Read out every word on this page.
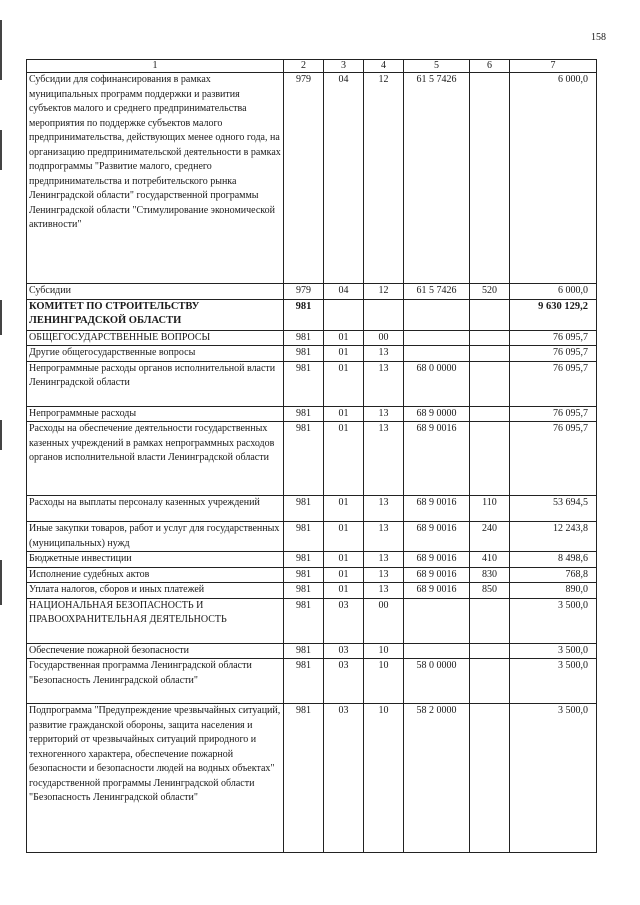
158
1	2	3	4	5	6	7
Субсидии для софинансирования в рамках муниципальных программ поддержки и развития субъектов малого и среднего предпринимательства мероприятия по поддержке субъектов малого предпринимательства, действующих менее одного года, на организацию предпринимательской деятельности в рамках подпрограммы "Развитие малого, среднего предпринимательства и потребительского рынка Ленинградской области" государственной программы Ленинградской области "Стимулирование экономической активности"	979	04	12	61 5 7426		6 000,0
Субсидии	979	04	12	61 5 7426	520	6 000,0
КОМИТЕТ ПО СТРОИТЕЛЬСТВУ ЛЕНИНГРАДСКОЙ ОБЛАСТИ	981					9 630 129,2
ОБЩЕГОСУДАРСТВЕННЫЕ ВОПРОСЫ	981	01	00			76 095,7
Другие общегосударственные вопросы	981	01	13			76 095,7
Непрограммные расходы органов исполнительной власти Ленинградской области	981	01	13	68 0 0000		76 095,7
Непрограммные расходы	981	01	13	68 9 0000		76 095,7
Расходы на обеспечение деятельности государственных казенных учреждений в рамках непрограммных расходов органов исполнительной власти Ленинградской области	981	01	13	68 9 0016		76 095,7
Расходы на выплаты персоналу казенных учреждений	981	01	13	68 9 0016	110	53 694,5
Иные закупки товаров, работ и услуг для государственных (муниципальных) нужд	981	01	13	68 9 0016	240	12 243,8
Бюджетные инвестиции	981	01	13	68 9 0016	410	8 498,6
Исполнение судебных актов	981	01	13	68 9 0016	830	768,8
Уплата налогов, сборов и иных платежей	981	01	13	68 9 0016	850	890,0
НАЦИОНАЛЬНАЯ БЕЗОПАСНОСТЬ И ПРАВООХРАНИТЕЛЬНАЯ ДЕЯТЕЛЬНОСТЬ	981	03	00			3 500,0
Обеспечение пожарной безопасности	981	03	10			3 500,0
Государственная программа Ленинградской области "Безопасность Ленинградской области"	981	03	10	58 0 0000		3 500,0
Подпрограмма "Предупреждение чрезвычайных ситуаций, развитие гражданской обороны, защита населения и территорий от чрезвычайных ситуаций природного и техногенного характера, обеспечение пожарной безопасности и безопасности людей на водных объектах" государственной программы Ленинградской области "Безопасность Ленинградской области"	981	03	10	58 2 0000		3 500,0
